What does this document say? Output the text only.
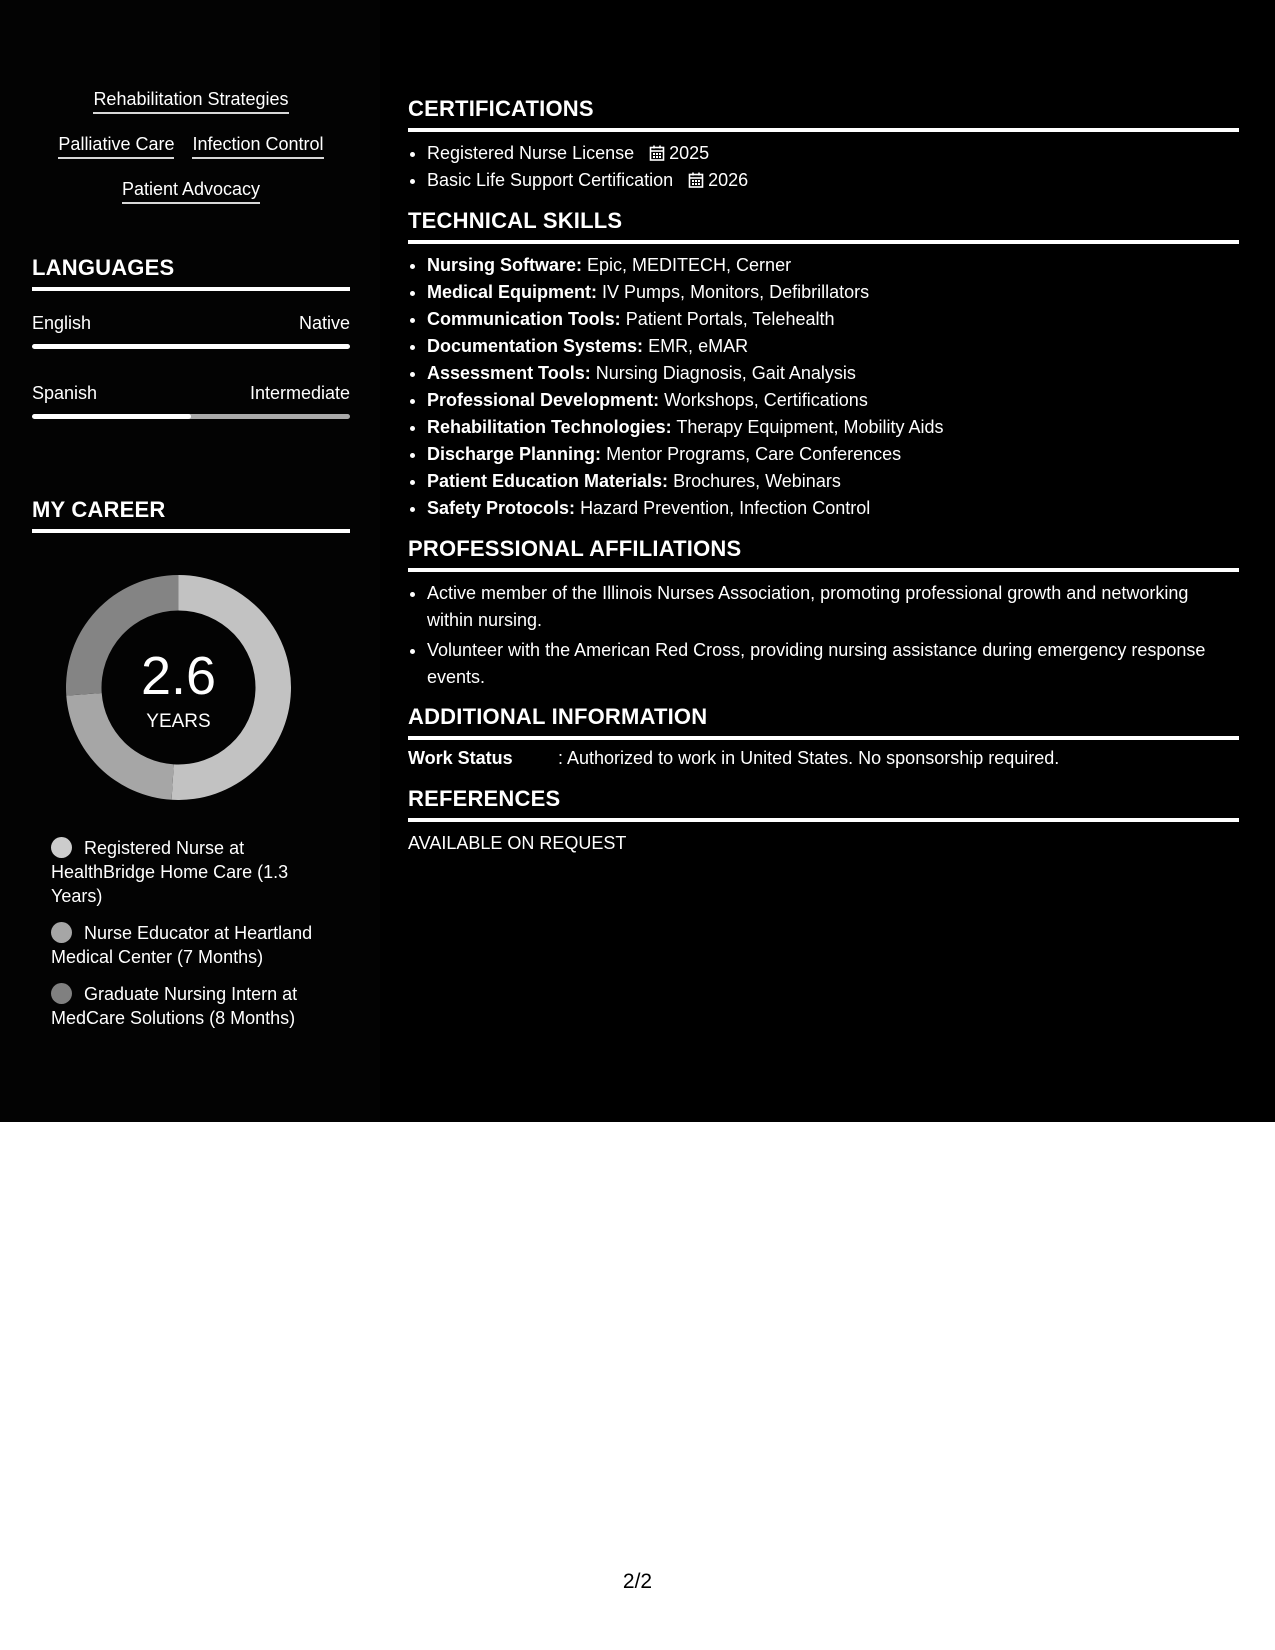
Rehabilitation Strategies
Palliative Care Infection Control
Patient Advocacy
LANGUAGES
English	Native
Spanish	Intermediate
MY CAREER
2.6
YEARS
Registered Nurse at HealthBridge Home Care (1.3 Years)
Nurse Educator at Heartland Medical Center (7 Months)
Graduate Nursing Intern at MedCare Solutions (8 Months)
CERTIFICATIONS
• Registered Nurse License 2025
• Basic Life Support Certification 2026
TECHNICAL SKILLS
• Nursing Software: Epic, MEDITECH, Cerner
• Medical Equipment: IV Pumps, Monitors, Defibrillators
• Communication Tools: Patient Portals, Telehealth
• Documentation Systems: EMR, eMAR
• Assessment Tools: Nursing Diagnosis, Gait Analysis
• Professional Development: Workshops, Certifications
• Rehabilitation Technologies: Therapy Equipment, Mobility Aids
• Discharge Planning: Mentor Programs, Care Conferences
• Patient Education Materials: Brochures, Webinars
• Safety Protocols: Hazard Prevention, Infection Control
PROFESSIONAL AFFILIATIONS
• Active member of the Illinois Nurses Association, promoting professional growth and networking within nursing.
• Volunteer with the American Red Cross, providing nursing assistance during emergency response events.
ADDITIONAL INFORMATION
Work Status	: Authorized to work in United States. No sponsorship required.
REFERENCES
AVAILABLE ON REQUEST
2/2
